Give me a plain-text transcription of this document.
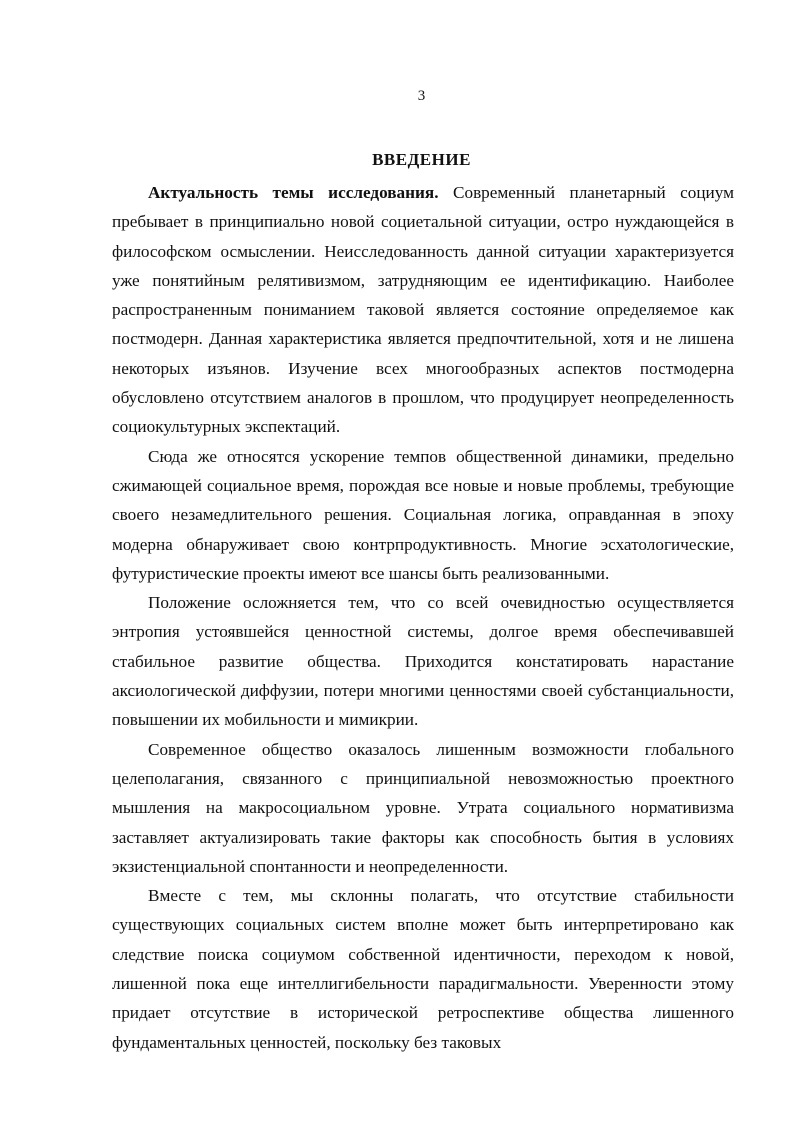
3
ВВЕДЕНИЕ

Актуальность темы исследования. Современный планетарный социум пребывает в принципиально новой социетальной ситуации, остро нуждающейся в философском осмыслении. Неисследованность данной ситуации характеризуется уже понятийным релятивизмом, затрудняющим ее идентификацию. Наиболее распространенным пониманием таковой является состояние определяемое как постмодерн. Данная характеристика является предпочтительной, хотя и не лишена некоторых изъянов. Изучение всех многообразных аспектов постмодерна обусловлено отсутствием аналогов в прошлом, что продуцирует неопределенность социокультурных экспектаций.

Сюда же относятся ускорение темпов общественной динамики, предельно сжимающей социальное время, порождая все новые и новые проблемы, требующие своего незамедлительного решения. Социальная логика, оправданная в эпоху модерна обнаруживает свою контрпродуктивность. Многие эсхатологические, футуристические проекты имеют все шансы быть реализованными.

Положение осложняется тем, что со всей очевидностью осуществляется энтропия устоявшейся ценностной системы, долгое время обеспечивавшей стабильное развитие общества. Приходится констатировать нарастание аксиологической диффузии, потери многими ценностями своей субстанциальности, повышении их мобильности и мимикрии.

Современное общество оказалось лишенным возможности глобального целеполагания, связанного с принципиальной невозможностью проектного мышления на макросоциальном уровне. Утрата социального нормативизма заставляет актуализировать такие факторы как способность бытия в условиях экзистенциальной спонтанности и неопределенности.

Вместе с тем, мы склонны полагать, что отсутствие стабильности существующих социальных систем вполне может быть интерпретировано как следствие поиска социумом собственной идентичности, переходом к новой, лишенной пока еще интеллигибельности парадигмальности. Уверенности этому придает отсутствие в исторической ретроспективе общества лишенного фундаментальных ценностей, поскольку без таковых
